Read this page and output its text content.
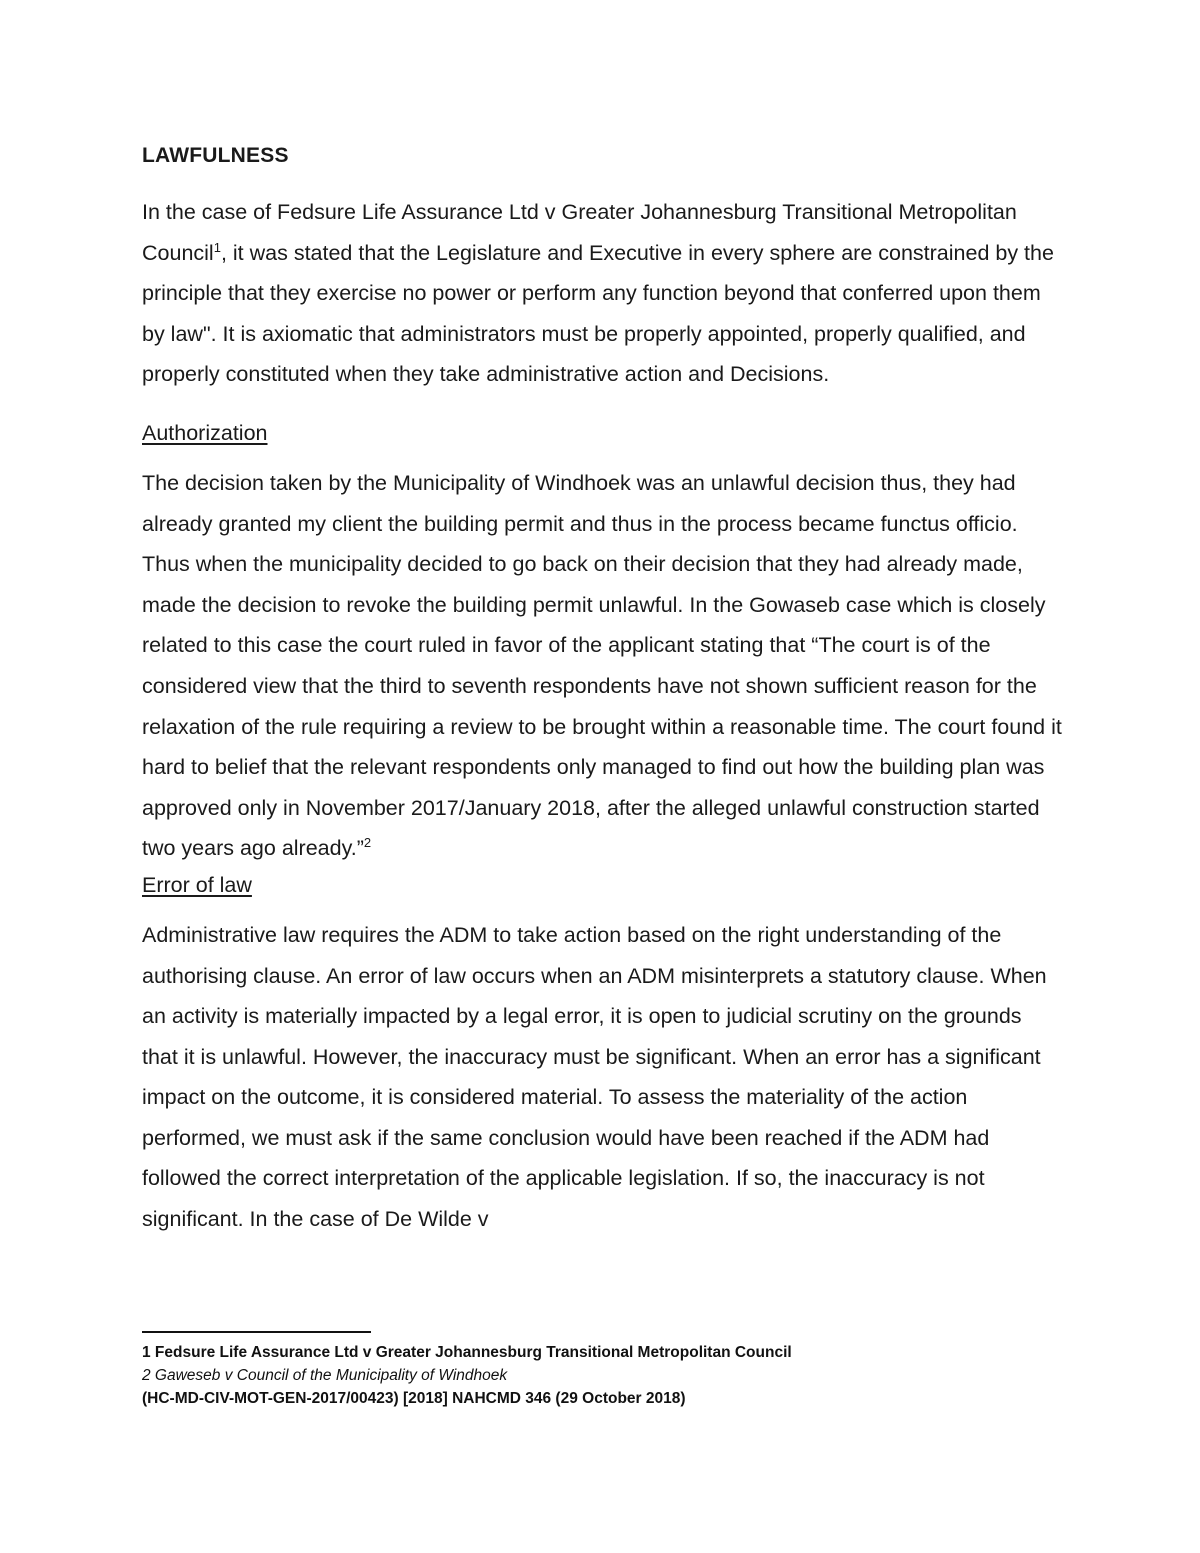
LAWFULNESS

In the case of Fedsure Life Assurance Ltd v Greater Johannesburg Transitional Metropolitan Council$^1$, it was stated that the Legislature and Executive in every sphere are constrained by the principle that they exercise no power or perform any function beyond that conferred upon them by law". It is axiomatic that administrators must be properly appointed, properly qualified, and properly constituted when they take administrative action and Decisions.

Authorization

The decision taken by the Municipality of Windhoek was an unlawful decision thus, they had already granted my client the building permit and thus in the process became functus officio. Thus when the municipality decided to go back on their decision that they had already made, made the decision to revoke the building permit unlawful. In the Gowaseb case which is closely related to this case the court ruled in favor of the applicant stating that “The court is of the considered view that the third to seventh respondents have not shown sufficient reason for the relaxation of the rule requiring a review to be brought within a reasonable time. The court found it hard to belief that the relevant respondents only managed to find out how the building plan was approved only in November 2017/January 2018, after the alleged unlawful construction started two years ago already.”$^2$

Error of law

Administrative law requires the ADM to take action based on the right understanding of the authorising clause. An error of law occurs when an ADM misinterprets a statutory clause. When an activity is materially impacted by a legal error, it is open to judicial scrutiny on the grounds that it is unlawful. However, the inaccuracy must be significant. When an error has a significant impact on the outcome, it is considered material. To assess the materiality of the action performed, we must ask if the same conclusion would have been reached if the ADM had followed the correct interpretation of the applicable legislation. If so, the inaccuracy is not significant. In the case of De Wilde v

1 Fedsure Life Assurance Ltd v Greater Johannesburg Transitional Metropolitan Council
2 Gaweseb v Council of the Municipality of Windhoek
(HC-MD-CIV-MOT-GEN-2017/00423) [2018] NAHCMD 346 (29 October 2018)
